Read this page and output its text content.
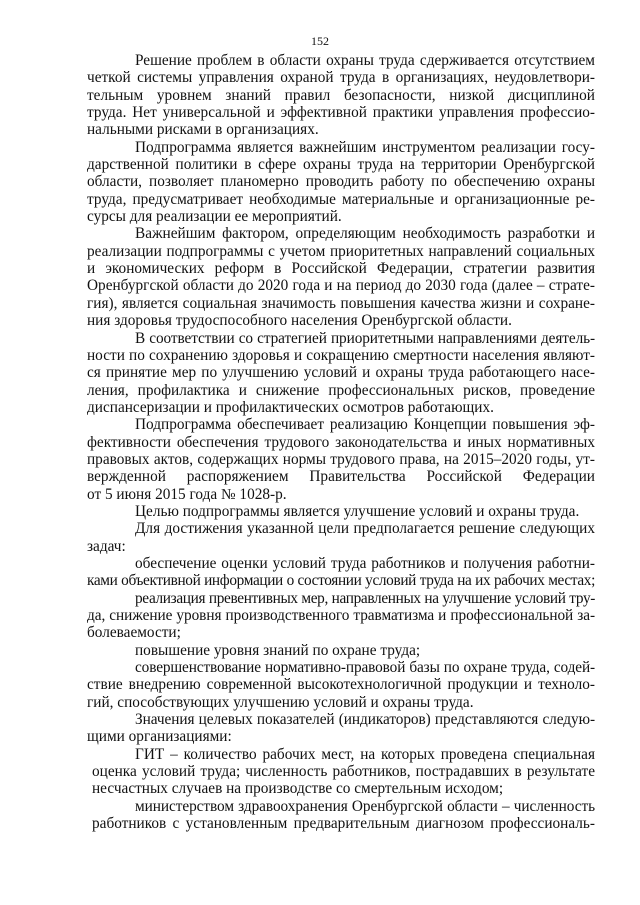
152
Решение проблем в области охраны труда сдерживается отсутствием
четкой системы управления охраной труда в организациях, неудовлетвори-
тельным уровнем знаний правил безопасности, низкой дисциплиной
труда. Нет универсальной и эффективной практики управления профессио-
нальными рисками в организациях.
Подпрограмма является важнейшим инструментом реализации госу-
дарственной политики в сфере охраны труда на территории Оренбургской
области, позволяет планомерно проводить работу по обеспечению охраны
труда, предусматривает необходимые материальные и организационные ре-
сурсы для реализации ее мероприятий.
Важнейшим фактором, определяющим необходимость разработки и
реализации подпрограммы с учетом приоритетных направлений социальных
и экономических реформ в Российской Федерации, стратегии развития
Оренбургской области до 2020 года и на период до 2030 года (далее – страте-
гия), является социальная значимость повышения качества жизни и сохране-
ния здоровья трудоспособного населения Оренбургской области.
В соответствии со стратегией приоритетными направлениями деятель-
ности по сохранению здоровья и сокращению смертности населения являют-
ся принятие мер по улучшению условий и охраны труда работающего насе-
ления, профилактика и снижение профессиональных рисков, проведение
диспансеризации и профилактических осмотров работающих.
Подпрограмма обеспечивает реализацию Концепции повышения эф-
фективности обеспечения трудового законодательства и иных нормативных
правовых актов, содержащих нормы трудового права, на 2015–2020 годы, ут-
вержденной распоряжением Правительства Российской Федерации
от 5 июня 2015 года № 1028-р.
Целью подпрограммы является улучшение условий и охраны труда.
Для достижения указанной цели предполагается решение следующих
задач:
обеспечение оценки условий труда работников и получения работни-
ками объективной информации о состоянии условий труда на их рабочих местах;
реализация превентивных мер, направленных на улучшение условий тру-
да, снижение уровня производственного травматизма и профессиональной за-
болеваемости;
повышение уровня знаний по охране труда;
совершенствование нормативно-правовой базы по охране труда, содей-
ствие внедрению современной высокотехнологичной продукции и техноло-
гий, способствующих улучшению условий и охраны труда.
Значения целевых показателей (индикаторов) представляются следую-
щими организациями:
ГИТ – количество рабочих мест, на которых проведена специальная
оценка условий труда; численность работников, пострадавших в результате
несчастных случаев на производстве со смертельным исходом;
министерством здравоохранения Оренбургской области – численность
работников с установленным предварительным диагнозом профессиональ-
